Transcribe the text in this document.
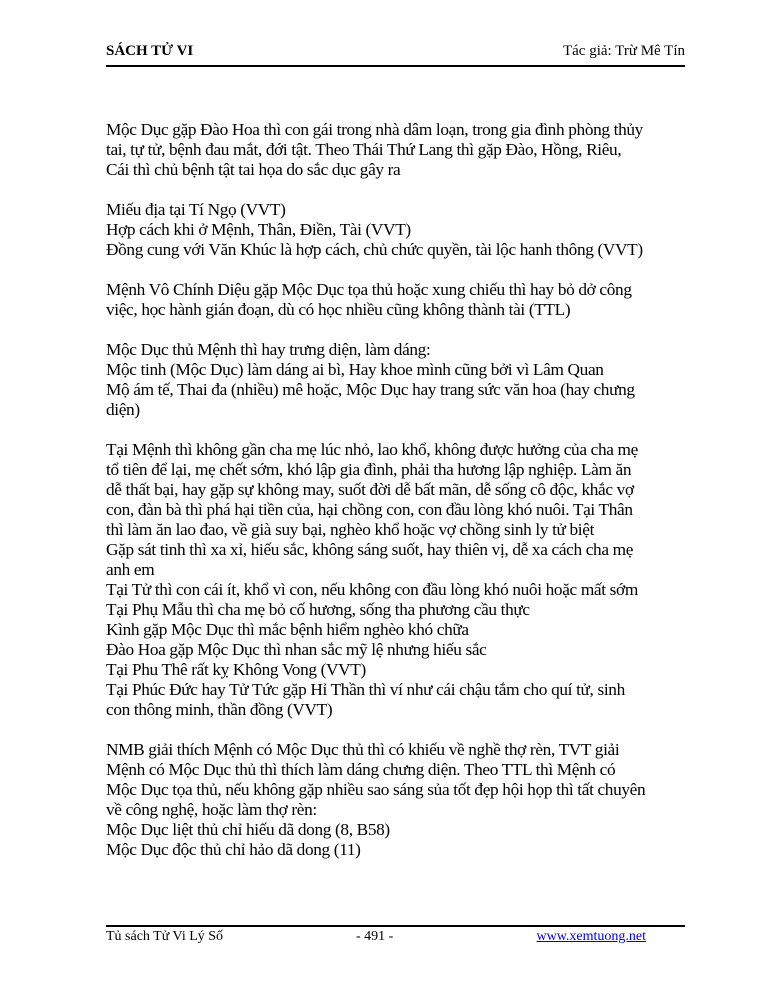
SÁCH TỬ VI	Tác giả: Trừ Mê Tín
Mộc Dục gặp Đào Hoa thì con gái trong nhà dâm loạn, trong gia đình phòng thủy
tai, tự tử, bệnh đau mắt, đới tật. Theo Thái Thứ Lang thì gặp Đào, Hồng, Riêu,
Cái thì chủ bệnh tật tai họa do sắc dục gây ra
Miếu địa tại Tí Ngọ (VVT)
Hợp cách khi ở Mệnh, Thân, Điền, Tài (VVT)
Đồng cung với Văn Khúc là hợp cách, chủ chức quyền, tài lộc hanh thông (VVT)
Mệnh Vô Chính Diệu gặp Mộc Dục tọa thủ hoặc xung chiếu thì hay bỏ dở công
việc, học hành gián đoạn, dù có học nhiều cũng không thành tài (TTL)
Mộc Dục thủ Mệnh thì hay trưng diện, làm dáng:
Mộc tinh (Mộc Dục) làm dáng ai bì, Hay khoe mình cũng bởi vì Lâm Quan
Mộ ám tế, Thai đa (nhiều) mê hoặc, Mộc Dục hay trang sức văn hoa (hay chưng
diện)
Tại Mệnh thì không gần cha mẹ lúc nhỏ, lao khổ, không được hưởng của cha mẹ
tổ tiên để lại, mẹ chết sớm, khó lập gia đình, phải tha hương lập nghiệp. Làm ăn
dễ thất bại, hay gặp sự không may, suốt đời dễ bất mãn, dễ sống cô độc, khắc vợ
con, đàn bà thì phá hại tiền của, hại chồng con, con đầu lòng khó nuôi. Tại Thân
thì làm ăn lao đao, về già suy bại, nghèo khổ hoặc vợ chồng sinh ly tử biệt
Gặp sát tinh thì xa xỉ, hiếu sắc, không sáng suốt, hay thiên vị, dễ xa cách cha mẹ
anh em
Tại Tử thì con cái ít, khổ vì con, nếu không con đầu lòng khó nuôi hoặc mất sớm
Tại Phụ Mẫu thì cha mẹ bỏ cố hương, sống tha phương cầu thực
Kình gặp Mộc Dục thì mắc bệnh hiểm nghèo khó chữa
Đào Hoa gặp Mộc Dục thì nhan sắc mỹ lệ nhưng hiếu sắc
Tại Phu Thê rất kỵ Không Vong (VVT)
Tại Phúc Đức hay Tử Tức gặp Hỉ Thần thì ví như cái chậu tắm cho quí tử, sinh
con thông minh, thần đồng (VVT)
NMB giải thích Mệnh có Mộc Dục thủ thì có khiếu về nghề thợ rèn, TVT giải
Mệnh có Mộc Dục thủ thì thích làm dáng chưng diện. Theo TTL thì Mệnh có
Mộc Dục tọa thủ, nếu không gặp nhiều sao sáng sủa tốt đẹp hội họp thì tất chuyên
về công nghệ, hoặc làm thợ rèn:
Mộc Dục liệt thủ chỉ hiếu dã dong (8, B58)
Mộc Dục độc thủ chỉ hảo dã dong (11)
Tủ sách Tử Vi Lý Số	- 491 -	www.xemtuong.net
